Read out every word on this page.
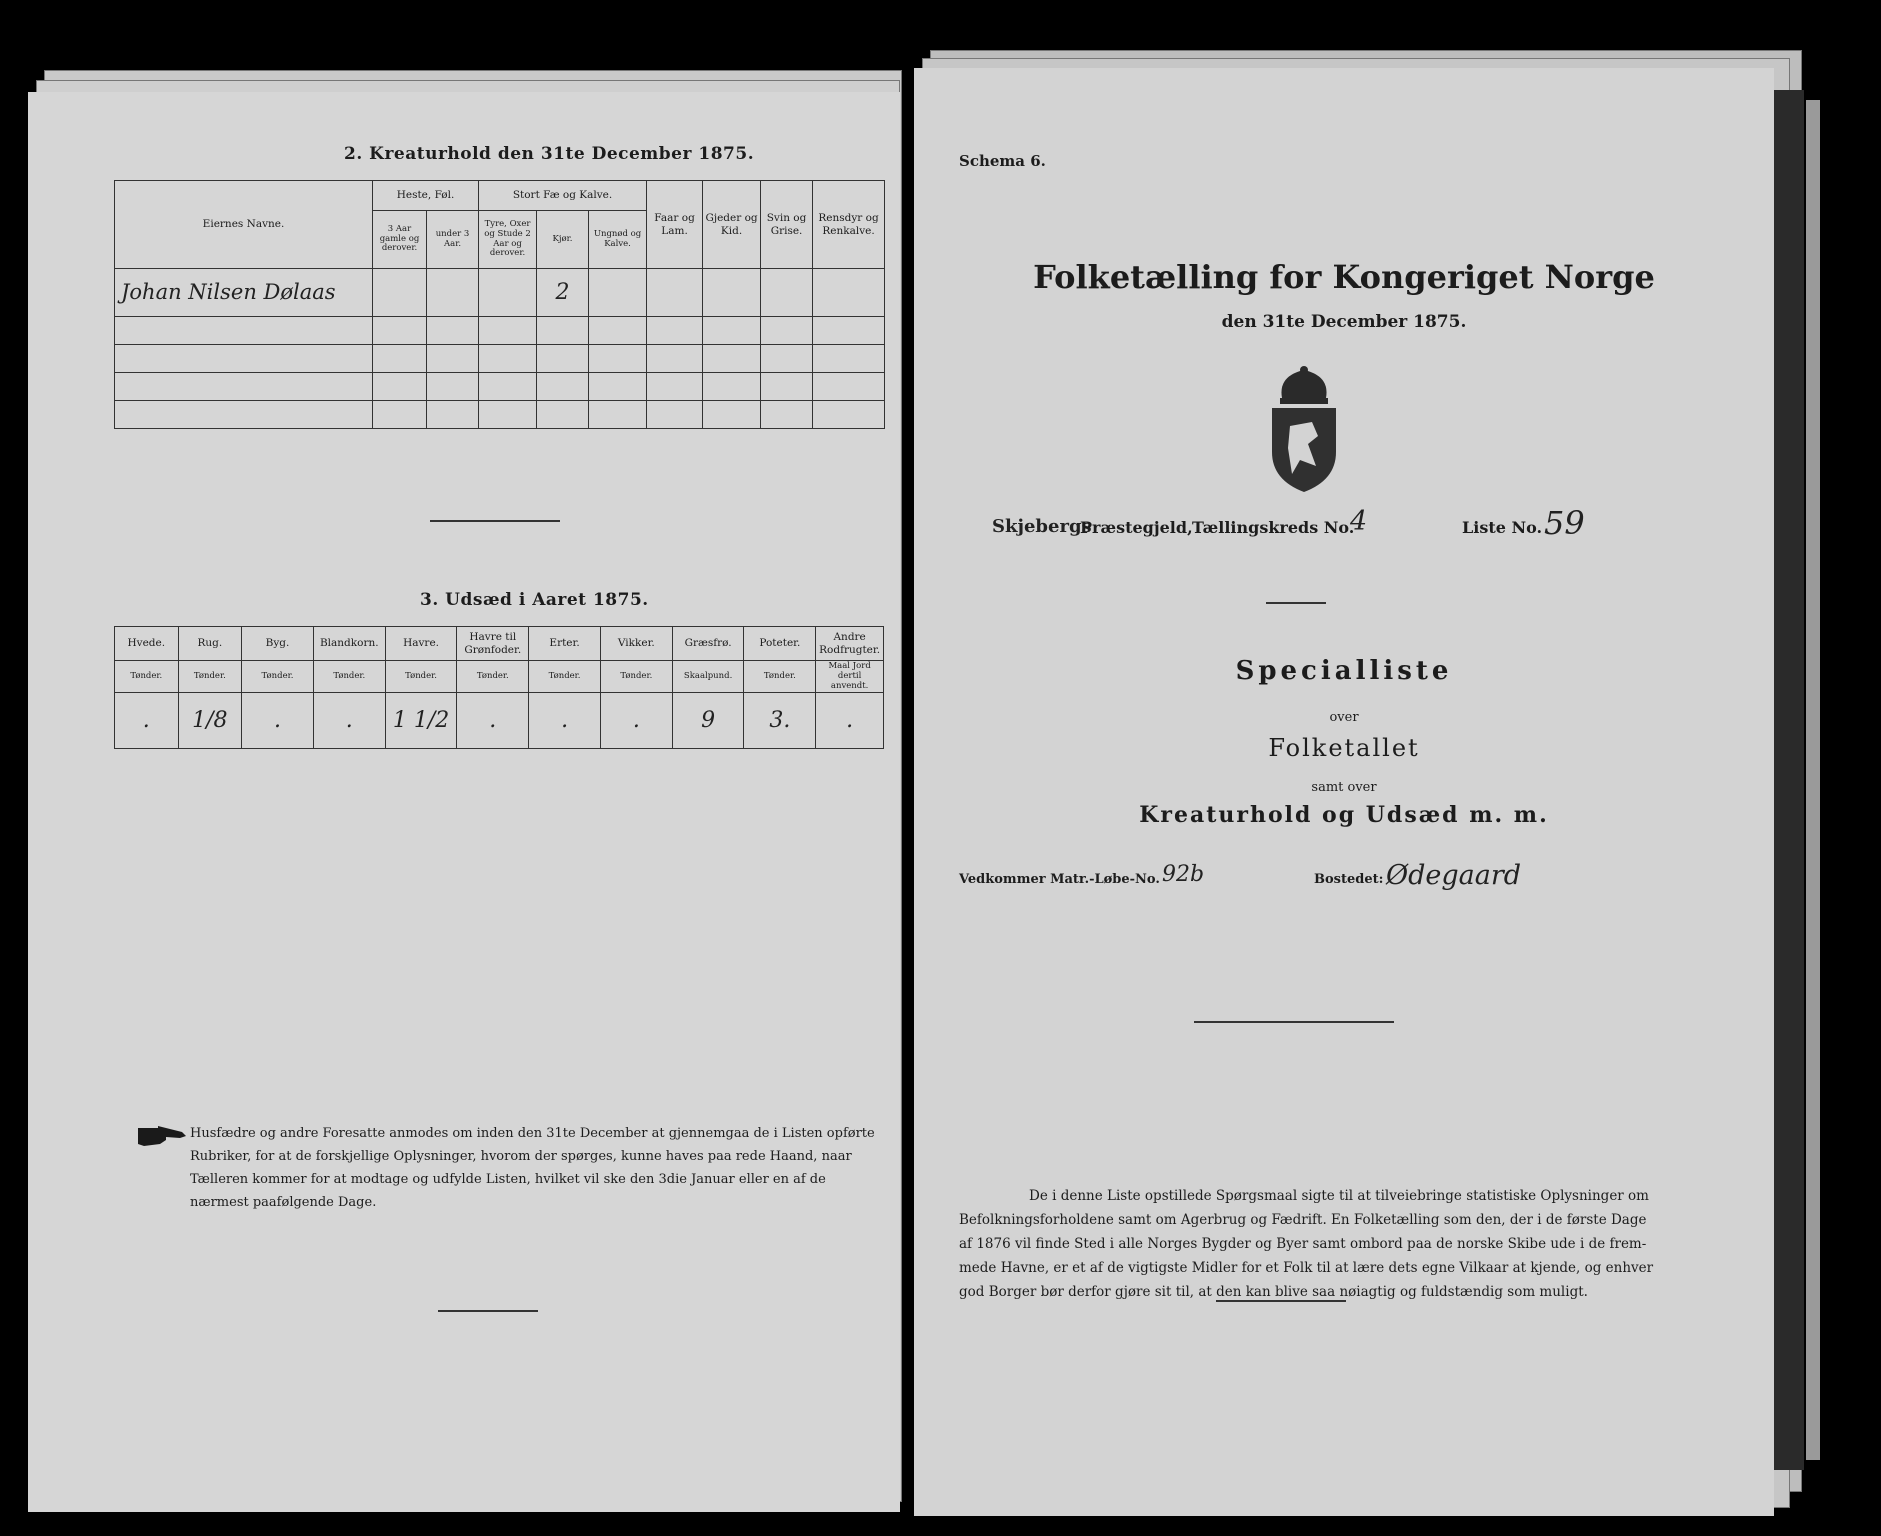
2. Kreaturhold den 31te December 1875.
Eiernes Navne.	Heste, Føl.		Stort Fæ og Kalve.			Faar og Lam.	Gjeder og Kid.	Svin og Grise.	Rensdyr og Renkalve.
	3 Aar gamle og derover.	under 3 Aar.	Tyre, Oxer og Stude 2 Aar og derover.	Kjør.	Ungnød og Kalve.				
Johan Nilsen Dølaas				2					

3. Udsæd i Aaret 1875.
Hvede.	Rug.	Byg.	Blandkorn.	Havre.	Havre til Grønfoder.	Erter.	Vikker.	Græsfrø.	Poteter.	Andre Rodfrugter.
Tønder.	Tønder.	Tønder.	Tønder.	Tønder.	Tønder.	Tønder.	Tønder.	Skaalpund.	Tønder.	Maal Jord dertil anvendt.
.	1/8	.	.	1 1/2	.	.	.	9	3.	.
Husfædre og andre Foresatte anmodes om inden den 31te December at gjennemgaa de i Listen opførte
Rubriker, for at de forskjellige Oplysninger, hvorom der spørges, kunne haves paa rede Haand, naar
Tælleren kommer for at modtage og udfylde Listen, hvilket vil ske den 3die Januar eller en af de
nærmest paafølgende Dage.
Schema 6.
Folketælling for Kongeriget Norge
den 31te December 1875.
Skjebergs
Præstegjeld, Tællingskreds No.
4	Liste No. 59
Specialliste
over
Folketallet
samt over
Kreaturhold og Udsæd m. m.
Vedkommer Matr.-Løbe-No. 92b	Bostedet: Ødegaard
De i denne Liste opstillede Spørgsmaal sigte til at tilveiebringe statistiske Oplysninger om
Befolkningsforholdene samt om Agerbrug og Fædrift. En Folketælling som den, der i de første Dage
af 1876 vil finde Sted i alle Norges Bygder og Byer samt ombord paa de norske Skibe ude i de frem-
mede Havne, er et af de vigtigste Midler for et Folk til at lære dets egne Vilkaar at kjende, og enhver
god Borger bør derfor gjøre sit til, at den kan blive saa nøiagtig og fuldstændig som muligt.
